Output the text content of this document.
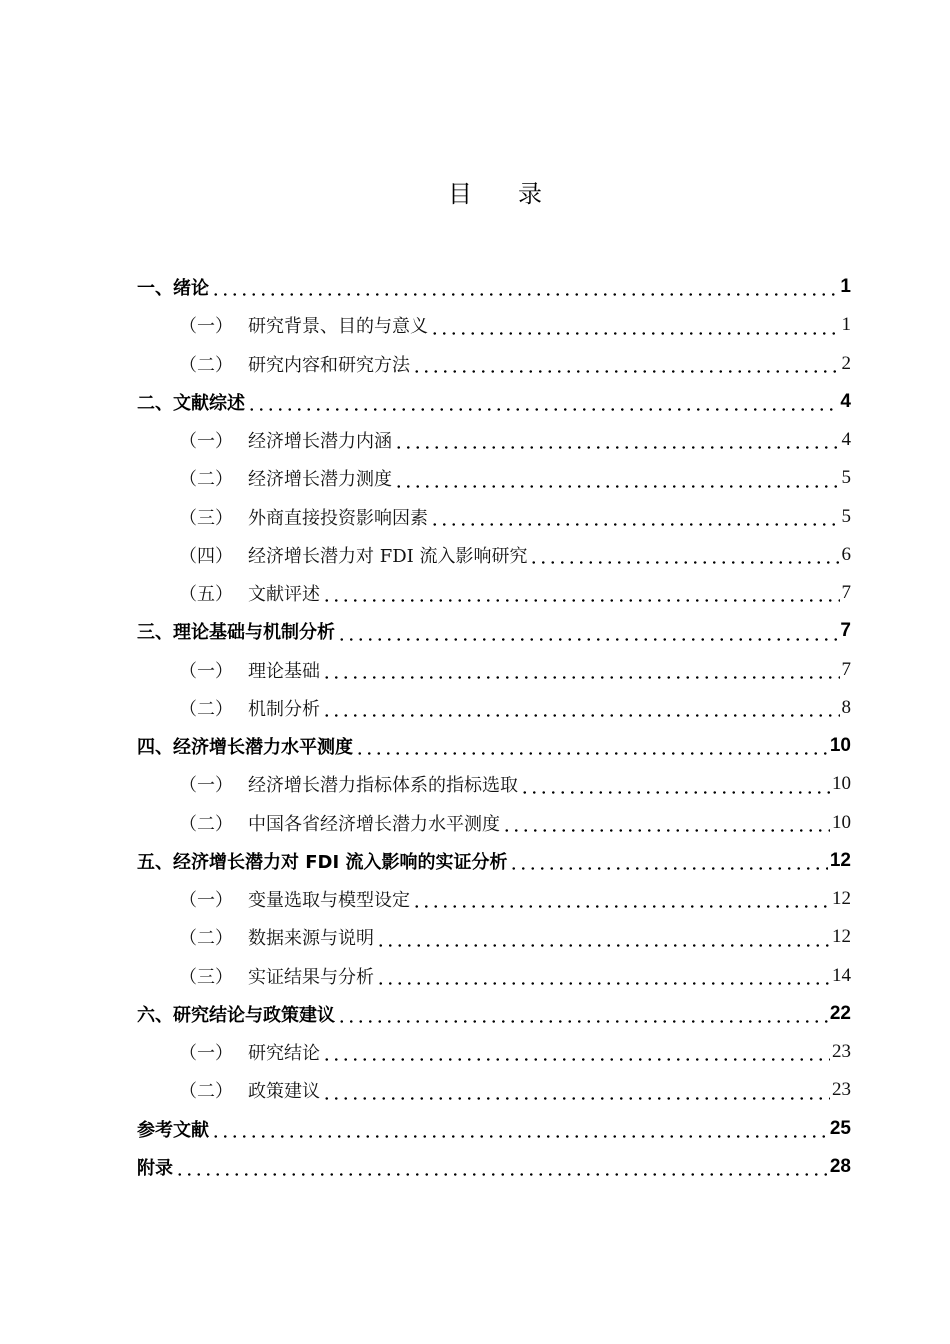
目 录
一、 绪论	1
（一） 研究背景、目的与意义	1
（二） 研究内容和研究方法	2
二、 文献综述	4
（一） 经济增长潜力内涵	4
（二） 经济增长潜力测度	5
（三） 外商直接投资影响因素	5
（四） 经济增长潜力对 FDI 流入影响研究	6
（五） 文献评述	7
三、 理论基础与机制分析	7
（一） 理论基础	7
（二） 机制分析	8
四、 经济增长潜力水平测度	10
（一） 经济增长潜力指标体系的指标选取	10
（二） 中国各省经济增长潜力水平测度	10
五、 经济增长潜力对 FDI 流入影响的实证分析	12
（一） 变量选取与模型设定	12
（二） 数据来源与说明	12
（三） 实证结果与分析	14
六、 研究结论与政策建议	22
（一） 研究结论	23
（二） 政策建议	23
参考文献	25
附录	28
